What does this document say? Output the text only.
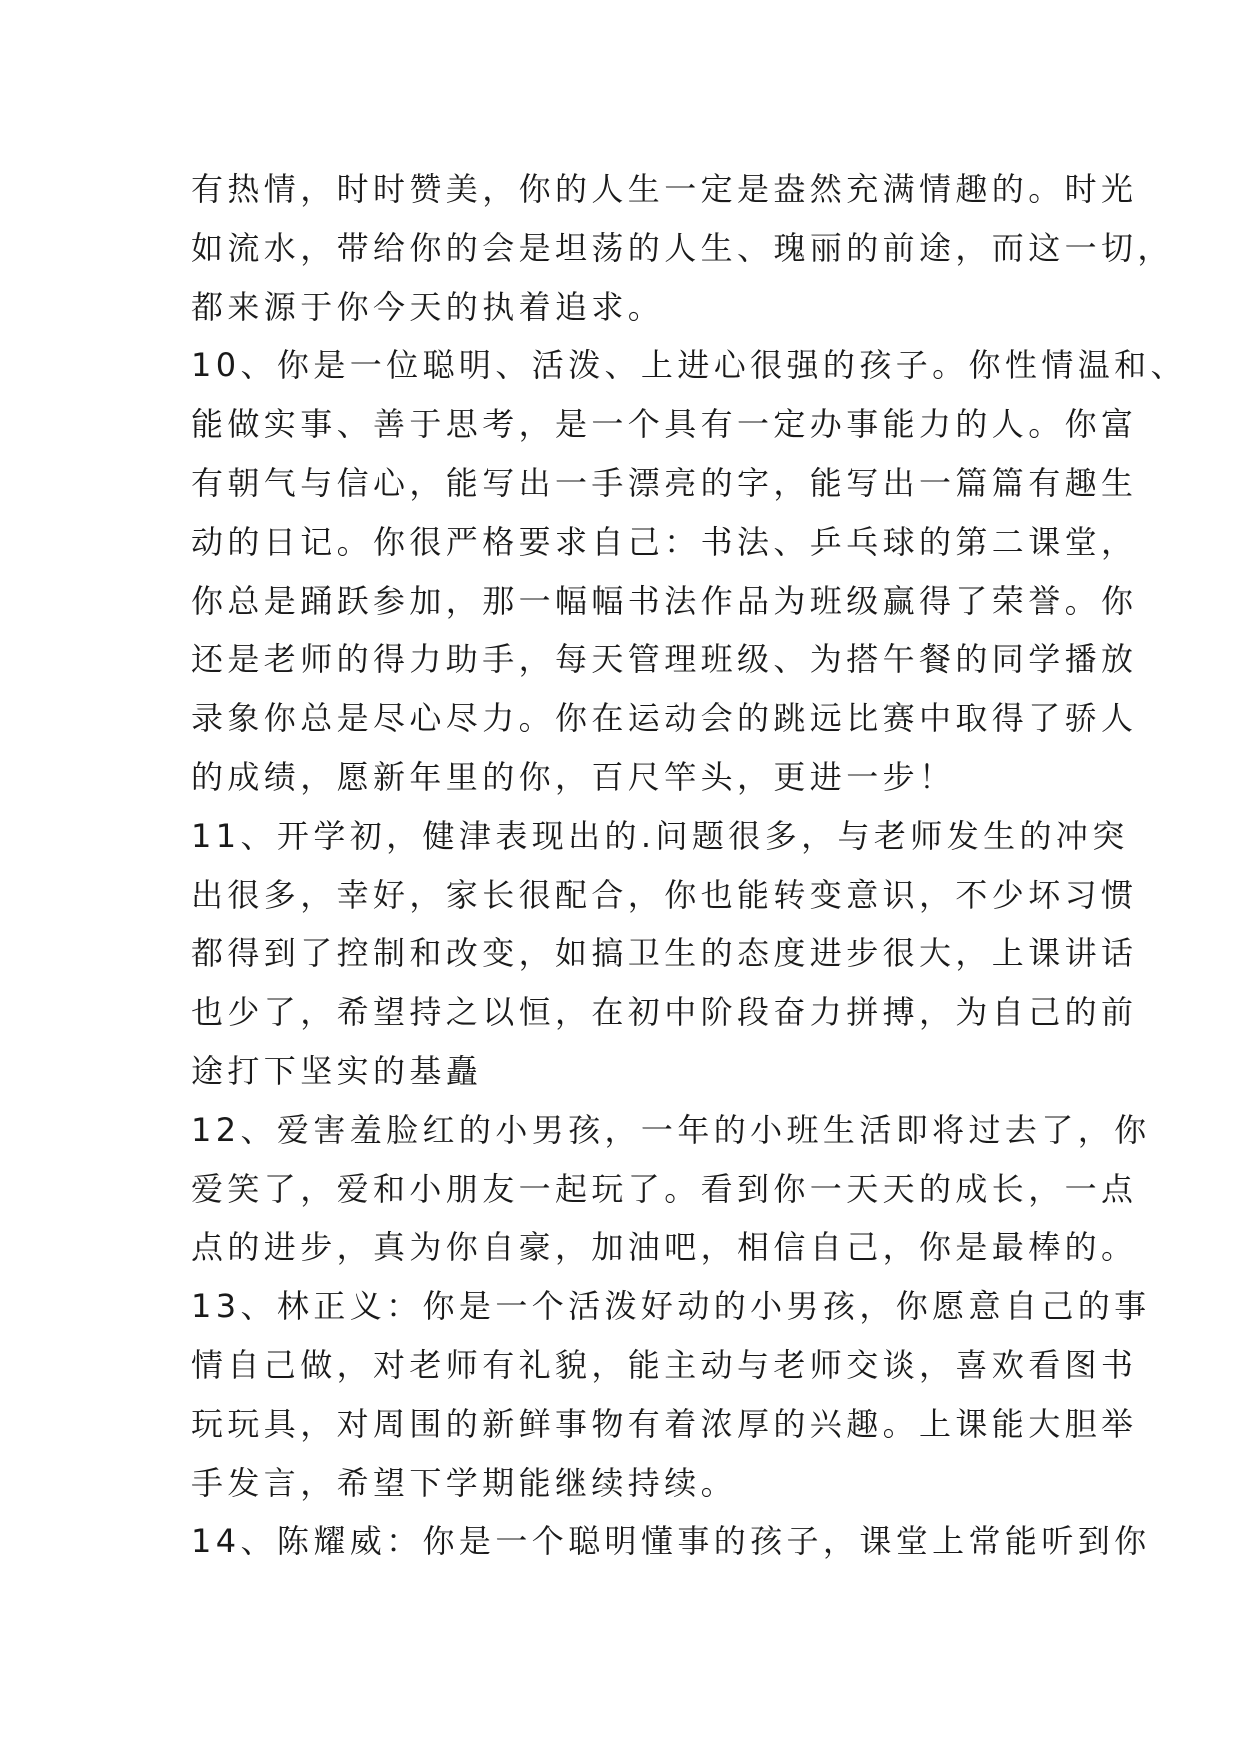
有热情，时时赞美，你的人生一定是盎然充满情趣的。时光
如流水，带给你的会是坦荡的人生、瑰丽的前途，而这一切，
都来源于你今天的执着追求。
10、你是一位聪明、活泼、上进心很强的孩子。你性情温和、
能做实事、善于思考，是一个具有一定办事能力的人。你富
有朝气与信心，能写出一手漂亮的字，能写出一篇篇有趣生
动的日记。你很严格要求自己：书法、乒乓球的第二课堂，
你总是踊跃参加，那一幅幅书法作品为班级赢得了荣誉。你
还是老师的得力助手，每天管理班级、为搭午餐的同学播放
录象你总是尽心尽力。你在运动会的跳远比赛中取得了骄人
的成绩，愿新年里的你，百尺竿头，更进一步！
11、开学初，健津表现出的.问题很多，与老师发生的冲突
出很多，幸好，家长很配合，你也能转变意识，不少坏习惯
都得到了控制和改变，如搞卫生的态度进步很大，上课讲话
也少了，希望持之以恒，在初中阶段奋力拼搏，为自己的前
途打下坚实的基矗
12、爱害羞脸红的小男孩，一年的小班生活即将过去了，你
爱笑了，爱和小朋友一起玩了。看到你一天天的成长，一点
点的进步，真为你自豪，加油吧，相信自己，你是最棒的。
13、林正义：你是一个活泼好动的小男孩，你愿意自己的事
情自己做，对老师有礼貌，能主动与老师交谈，喜欢看图书
玩玩具，对周围的新鲜事物有着浓厚的兴趣。上课能大胆举
手发言，希望下学期能继续持续。
14、陈耀威：你是一个聪明懂事的孩子，课堂上常能听到你
